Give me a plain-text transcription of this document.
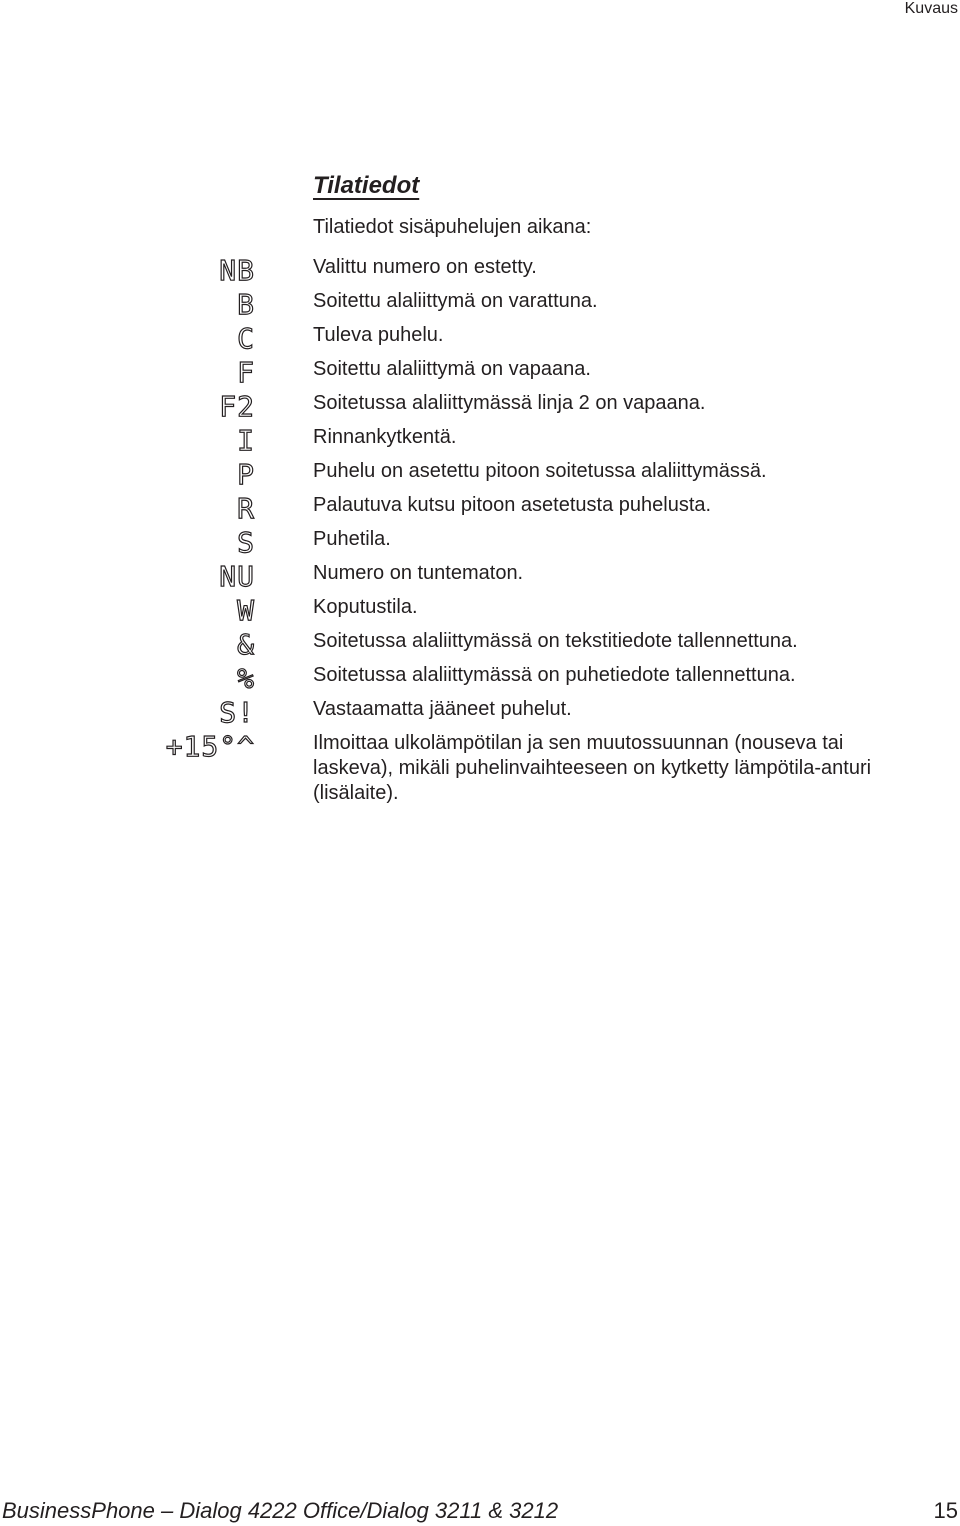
Kuvaus
Tilatiedot
Tilatiedot sisäpuhelujen aikana:
NB	Valittu numero on estetty.
B	Soitettu alaliittymä on varattuna.
C	Tuleva puhelu.
F	Soitettu alaliittymä on vapaana.
F2	Soitetussa alaliittymässä linja 2 on vapaana.
I	Rinnankytkentä.
P	Puhelu on asetettu pitoon soitetussa alaliittymässä.
R	Palautuva kutsu pitoon asetetusta puhelusta.
S	Puhetila.
NU	Numero on tuntematon.
W	Koputustila.
&	Soitetussa alaliittymässä on tekstitiedote tallennettuna.
%	Soitetussa alaliittymässä on puhetiedote tallennettuna.
S!	Vastaamatta jääneet puhelut.
+15°^	Ilmoittaa ulkolämpötilan ja sen muutossuunnan (nouseva tai laskeva), mikäli puhelinvaihteeseen on kytketty lämpötila-anturi (lisälaite).
BusinessPhone – Dialog 4222 Office/Dialog 3211 & 3212	15
